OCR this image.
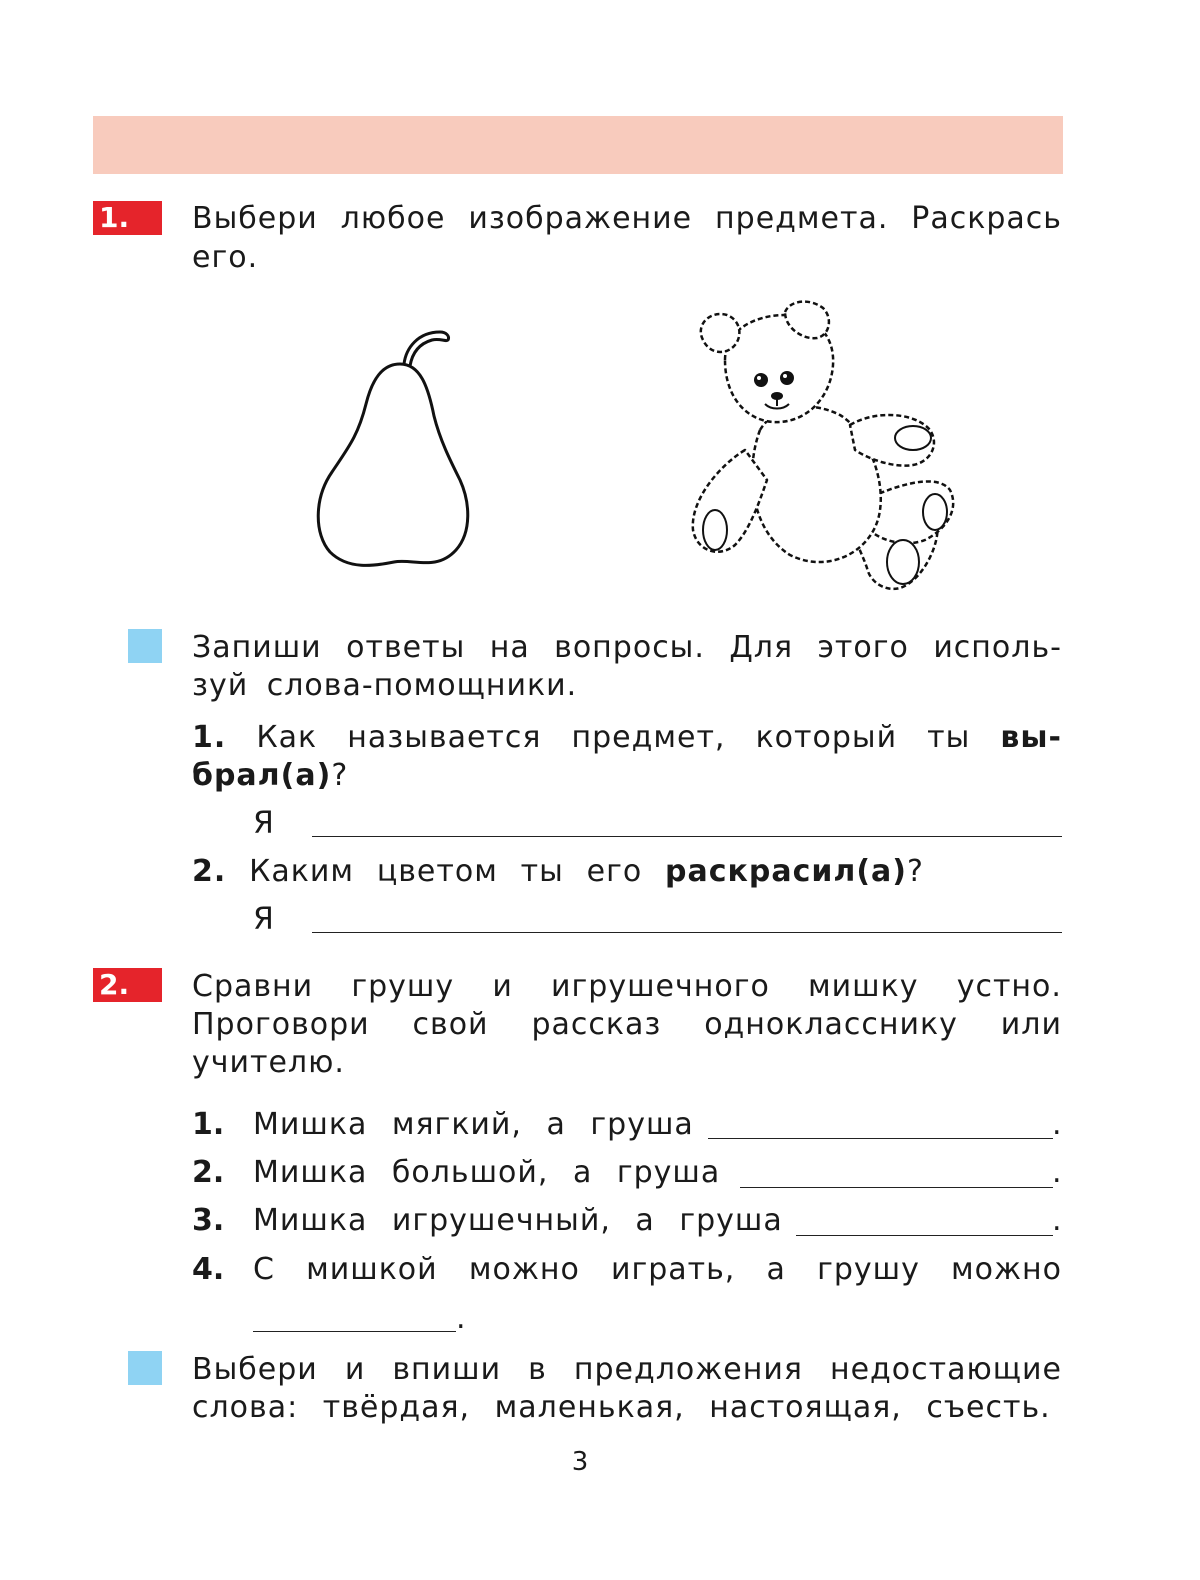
1.	Выбери любое изображение предмета. Раскрась
его.
Запиши ответы на вопросы. Для этого исполь-
зуй слова-помощники.
1. Как называется предмет, который ты вы-
брал(а)?
Я
2. Каким цветом ты его раскрасил(а)?
Я
2.	Сравни грушу и игрушечного мишку устно.
Проговори свой рассказ однокласснику или
учителю.
1. Мишка мягкий, а груша	.
2. Мишка большой, а груша	.
3. Мишка игрушечный, а груша	.
4. С мишкой можно играть, а грушу можно
.
Выбери и впиши в предложения недостающие
слова: твёрдая, маленькая, настоящая, съесть.
3
